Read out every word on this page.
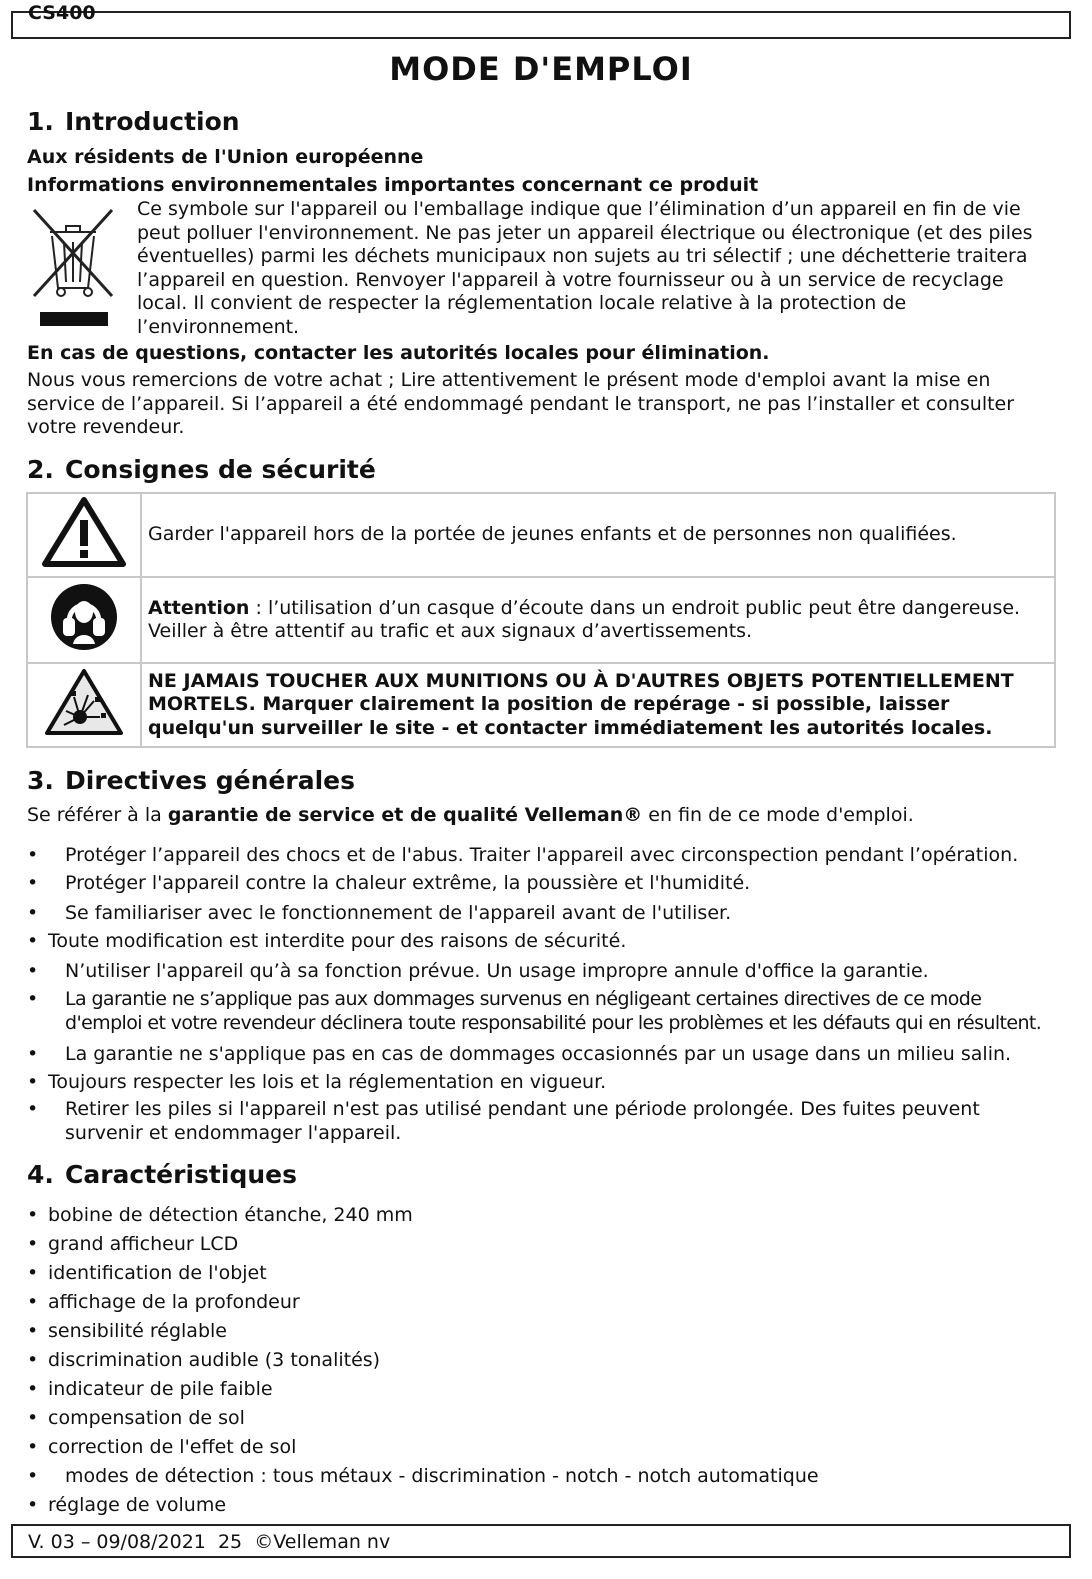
CS400
MODE D'EMPLOI
1. Introduction
Aux résidents de l'Union européenne
Informations environnementales importantes concernant ce produit
Ce symbole sur l'appareil ou l'emballage indique que l’élimination d’un appareil en fin de vie peut polluer l'environnement. Ne pas jeter un appareil électrique ou électronique (et des piles éventuelles) parmi les déchets municipaux non sujets au tri sélectif ; une déchetterie traitera l’appareil en question. Renvoyer l'appareil à votre fournisseur ou à un service de recyclage local. Il convient de respecter la réglementation locale relative à la protection de l’environnement.
En cas de questions, contacter les autorités locales pour élimination.
Nous vous remercions de votre achat ; Lire attentivement le présent mode d'emploi avant la mise en service de l’appareil. Si l’appareil a été endommagé pendant le transport, ne pas l’installer et consulter votre revendeur.
2. Consignes de sécurité
	Garder l'appareil hors de la portée de jeunes enfants et de personnes non qualifiées.
	Attention : l’utilisation d’un casque d’écoute dans un endroit public peut être dangereuse. Veiller à être attentif au trafic et aux signaux d’avertissements.
	NE JAMAIS TOUCHER AUX MUNITIONS OU À D'AUTRES OBJETS POTENTIELLEMENT MORTELS. Marquer clairement la position de repérage - si possible, laisser quelqu'un surveiller le site - et contacter immédiatement les autorités locales.
3. Directives générales
Se référer à la garantie de service et de qualité Velleman® en fin de ce mode d'emploi.
•	Protéger l’appareil des chocs et de l'abus. Traiter l'appareil avec circonspection pendant l’opération.
•	Protéger l'appareil contre la chaleur extrême, la poussière et l'humidité.
•	Se familiariser avec le fonctionnement de l'appareil avant de l'utiliser.
• Toute modification est interdite pour des raisons de sécurité.
•	N’utiliser l'appareil qu’à sa fonction prévue. Un usage impropre annule d'office la garantie.
•	La garantie ne s’applique pas aux dommages survenus en négligeant certaines directives de ce mode d'emploi et votre revendeur déclinera toute responsabilité pour les problèmes et les défauts qui en résultent.
•	La garantie ne s'applique pas en cas de dommages occasionnés par un usage dans un milieu salin.
• Toujours respecter les lois et la réglementation en vigueur.
•	Retirer les piles si l'appareil n'est pas utilisé pendant une période prolongée. Des fuites peuvent survenir et endommager l'appareil.
4. Caractéristiques
• bobine de détection étanche, 240 mm
• grand afficheur LCD
• identification de l'objet
• affichage de la profondeur
• sensibilité réglable
• discrimination audible (3 tonalités)
• indicateur de pile faible
• compensation de sol
• correction de l'effet de sol
•	modes de détection : tous métaux - discrimination - notch - notch automatique
• réglage de volume
V. 03 – 09/08/2021  25  ©Velleman nv
